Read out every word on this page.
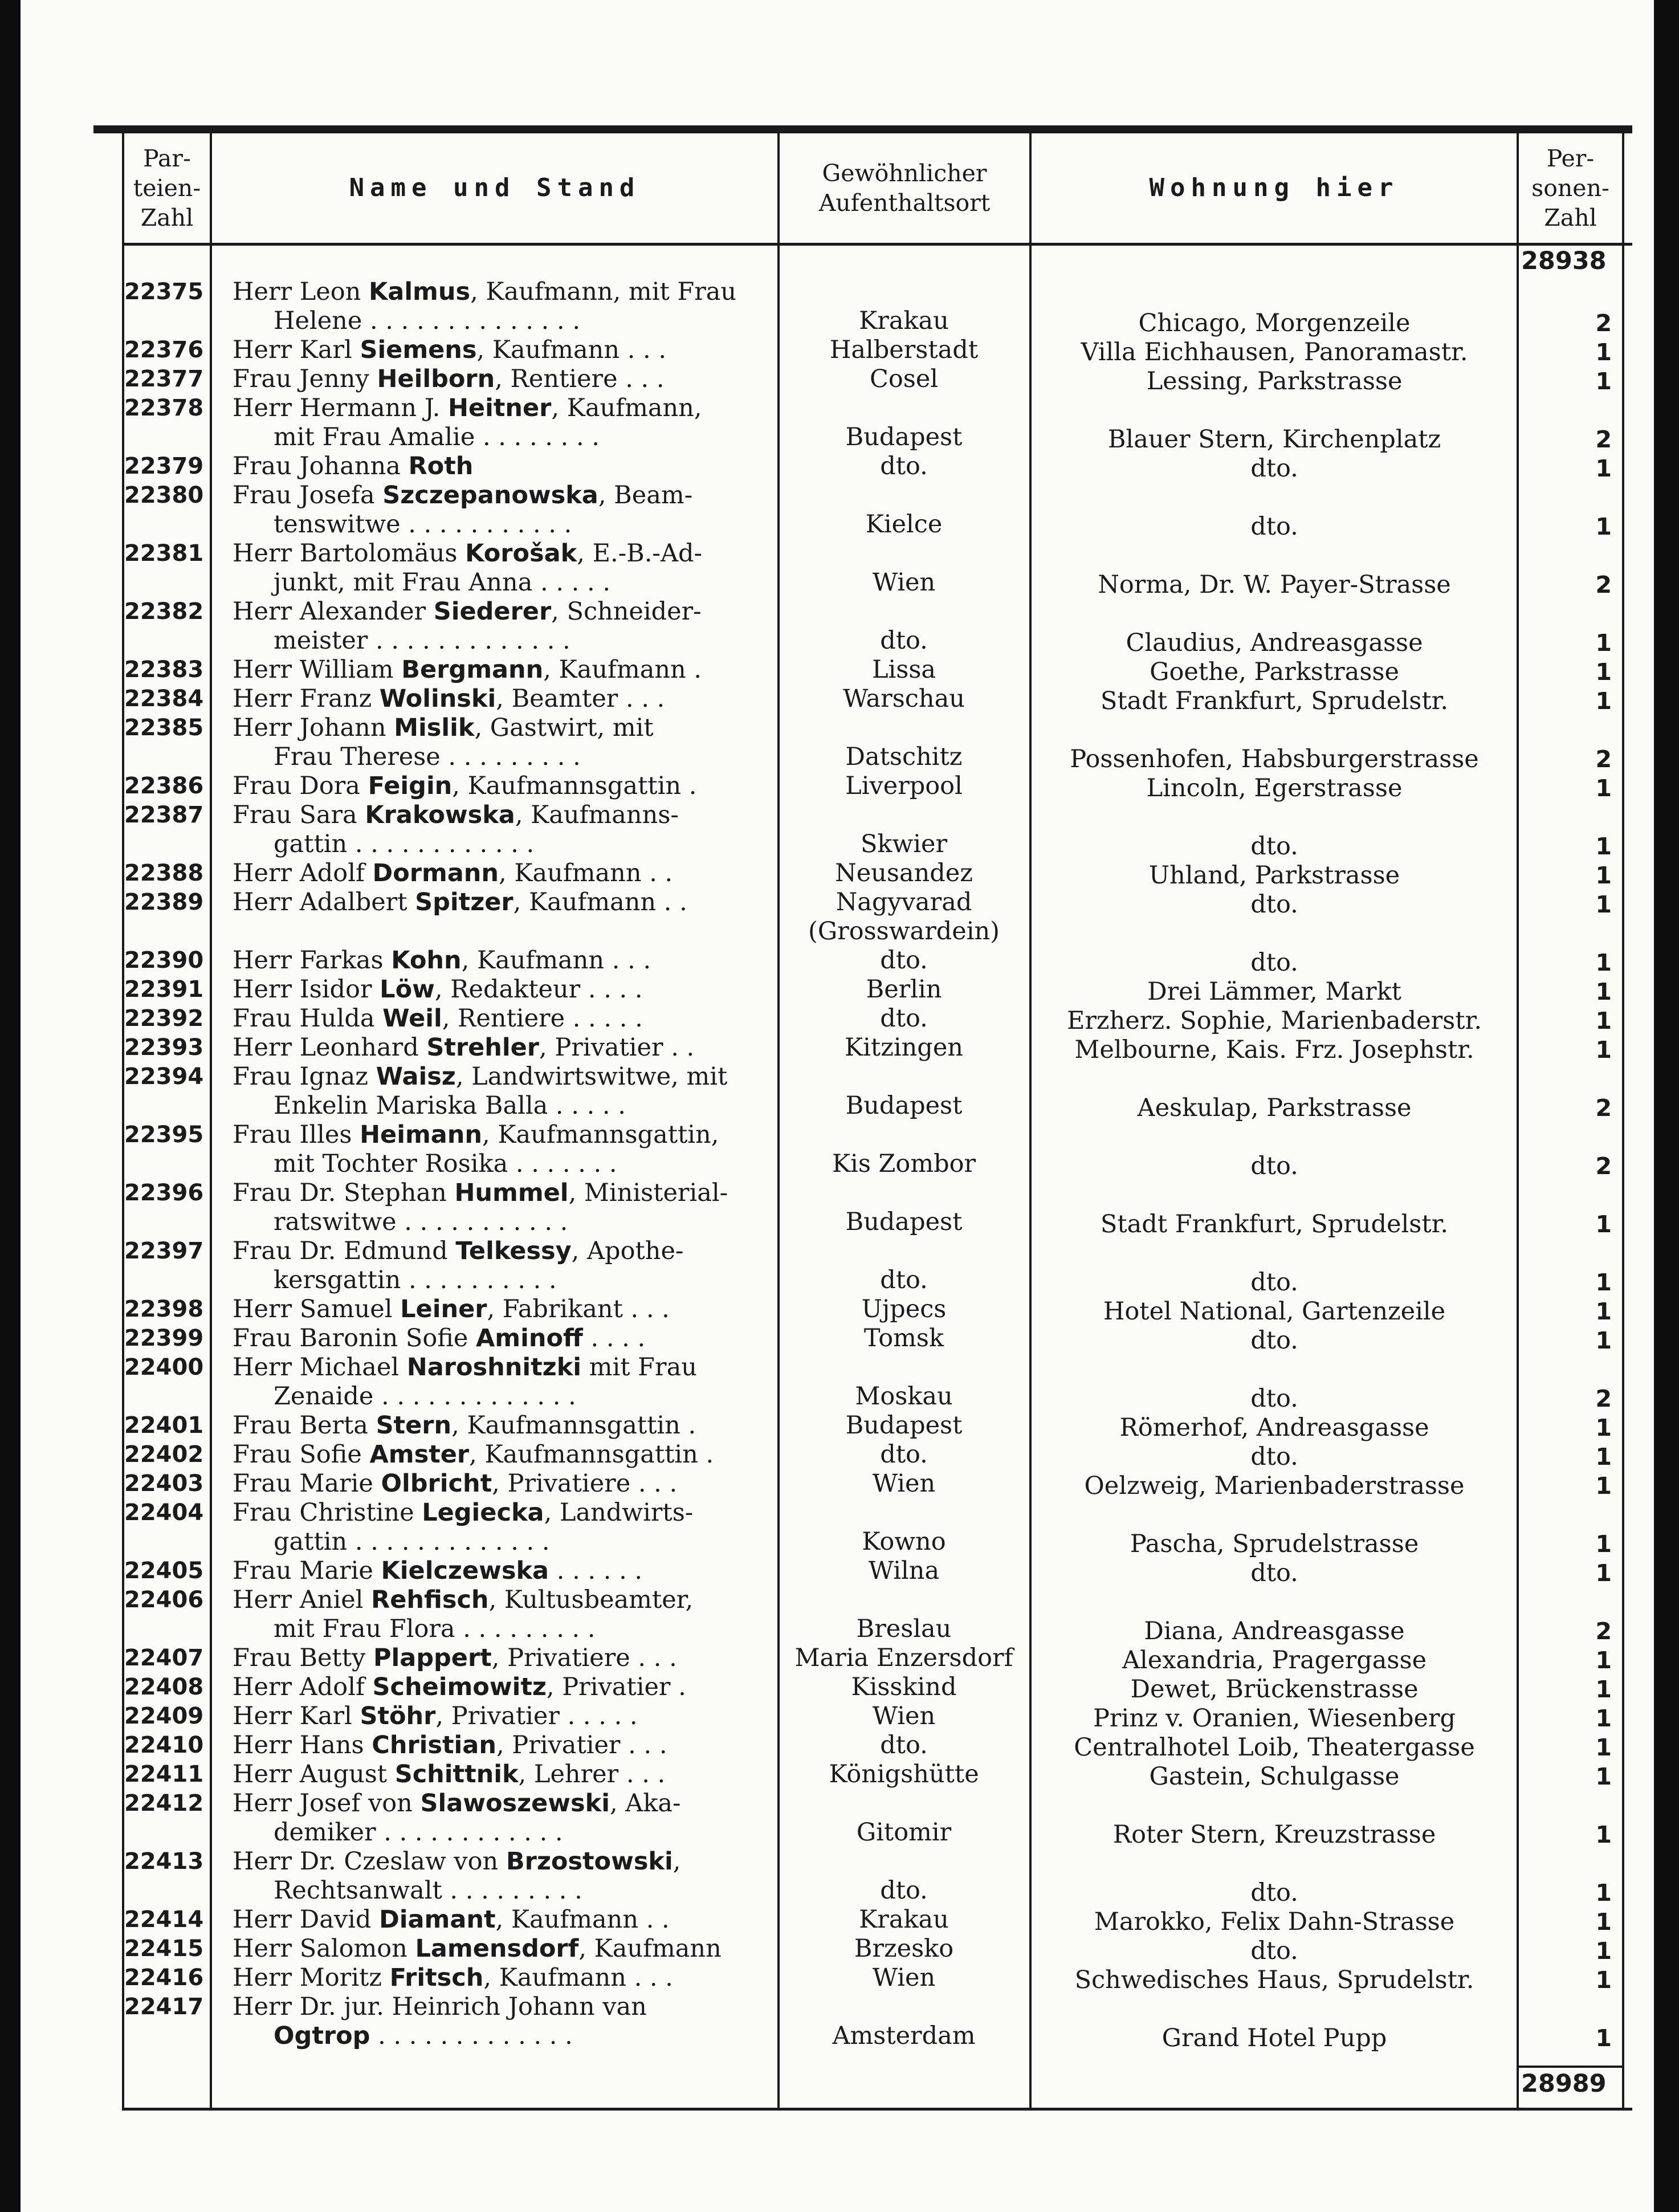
Par-
teien-
Zahl
Name und Stand	Gewöhnlicher
Aufenthaltsort
Wohnung hier
Per-
sonen-
Zahl
28938
28989
22375 Herr Leon Kalmus, Kaufmann, mit Frau
Helene . . . . . . . . . . . . . .	Krakau	Chicago, Morgenzeile	2
22376 Herr Karl Siemens, Kaufmann . . .	Halberstadt	Villa Eichhausen, Panoramastr.	1
22377 Frau Jenny Heilborn, Rentiere . . .	Cosel	Lessing, Parkstrasse	1
22378 Herr Hermann J. Heitner, Kaufmann,
mit Frau Amalie . . . . . . . .	Budapest	Blauer Stern, Kirchenplatz	2
22379 Frau Johanna Roth	dto.	dto.	1
22380 Frau Josefa Szczepanowska, Beam-
tenswitwe . . . . . . . . . . .	Kielce	dto.	1
22381 Herr Bartolomäus Korošak, E.-B.-Ad-
junkt, mit Frau Anna . . . . .	Wien	Norma, Dr. W. Payer-Strasse	2
22382 Herr Alexander Siederer, Schneider-
meister . . . . . . . . . . . . .	dto.	Claudius, Andreasgasse	1
22383 Herr William Bergmann, Kaufmann .	Lissa	Goethe, Parkstrasse	1
22384 Herr Franz Wolinski, Beamter . . .	Warschau	Stadt Frankfurt, Sprudelstr.	1
22385 Herr Johann Mislik, Gastwirt, mit
Frau Therese . . . . . . . . .	Datschitz	Possenhofen, Habsburgerstrasse	2
22386 Frau Dora Feigin, Kaufmannsgattin .	Liverpool	Lincoln, Egerstrasse	1
22387 Frau Sara Krakowska, Kaufmanns-
gattin . . . . . . . . . . . .	Skwier	dto.	1
22388 Herr Adolf Dormann, Kaufmann . .	Neusandez	Uhland, Parkstrasse	1
22389 Herr Adalbert Spitzer, Kaufmann . .	Nagyvarad
(Grosswardein)
dto.	1
22390 Herr Farkas Kohn, Kaufmann . . .	dto.	dto.	1
22391 Herr Isidor Löw, Redakteur . . . .	Berlin	Drei Lämmer, Markt	1
22392 Frau Hulda Weil, Rentiere . . . . .	dto.	Erzherz. Sophie, Marienbaderstr.	1
22393 Herr Leonhard Strehler, Privatier . .	Kitzingen	Melbourne, Kais. Frz. Josephstr.	1
22394 Frau Ignaz Waisz, Landwirtswitwe, mit
Enkelin Mariska Balla . . . . .	Budapest	Aeskulap, Parkstrasse	2
22395 Frau Illes Heimann, Kaufmannsgattin,
mit Tochter Rosika . . . . . . .	Kis Zombor	dto.	2
22396 Frau Dr. Stephan Hummel, Ministerial-
ratswitwe . . . . . . . . . . .	Budapest	Stadt Frankfurt, Sprudelstr.	1
22397 Frau Dr. Edmund Telkessy, Apothe-
kersgattin . . . . . . . . . .	dto.	dto.	1
22398 Herr Samuel Leiner, Fabrikant . . .	Ujpecs	Hotel National, Gartenzeile	1
22399 Frau Baronin Sofie Aminoff . . . .	Tomsk	dto.	1
22400 Herr Michael Naroshnitzki mit Frau
Zenaide . . . . . . . . . . . . .	Moskau	dto.	2
22401 Frau Berta Stern, Kaufmannsgattin .	Budapest	Römerhof, Andreasgasse	1
22402 Frau Sofie Amster, Kaufmannsgattin .	dto.	dto.	1
22403 Frau Marie Olbricht, Privatiere . . .	Wien	Oelzweig, Marienbaderstrasse	1
22404 Frau Christine Legiecka, Landwirts-
gattin . . . . . . . . . . . . .	Kowno	Pascha, Sprudelstrasse	1
22405 Frau Marie Kielczewska . . . . . .	Wilna	dto.	1
22406 Herr Aniel Rehfisch, Kultusbeamter,
mit Frau Flora . . . . . . . . .	Breslau	Diana, Andreasgasse	2
22407 Frau Betty Plappert, Privatiere . . .	Maria Enzersdorf	Alexandria, Pragergasse	1
22408 Herr Adolf Scheimowitz, Privatier .	Kisskind	Dewet, Brückenstrasse	1
22409 Herr Karl Stöhr, Privatier . . . . .	Wien	Prinz v. Oranien, Wiesenberg	1
22410 Herr Hans Christian, Privatier . . .	dto.	Centralhotel Loib, Theatergasse	1
22411 Herr August Schittnik, Lehrer . . .	Königshütte	Gastein, Schulgasse	1
22412 Herr Josef von Slawoszewski, Aka-
demiker . . . . . . . . . . . .	Gitomir	Roter Stern, Kreuzstrasse	1
22413 Herr Dr. Czeslaw von Brzostowski,
Rechtsanwalt . . . . . . . . .	dto.	dto.	1
22414 Herr David Diamant, Kaufmann . .	Krakau	Marokko, Felix Dahn-Strasse	1
22415 Herr Salomon Lamensdorf, Kaufmann	Brzesko	dto.	1
22416 Herr Moritz Fritsch, Kaufmann . . .	Wien	Schwedisches Haus, Sprudelstr.	1
22417 Herr Dr. jur. Heinrich Johann van
Ogtrop . . . . . . . . . . . . .	Amsterdam	Grand Hotel Pupp	1
